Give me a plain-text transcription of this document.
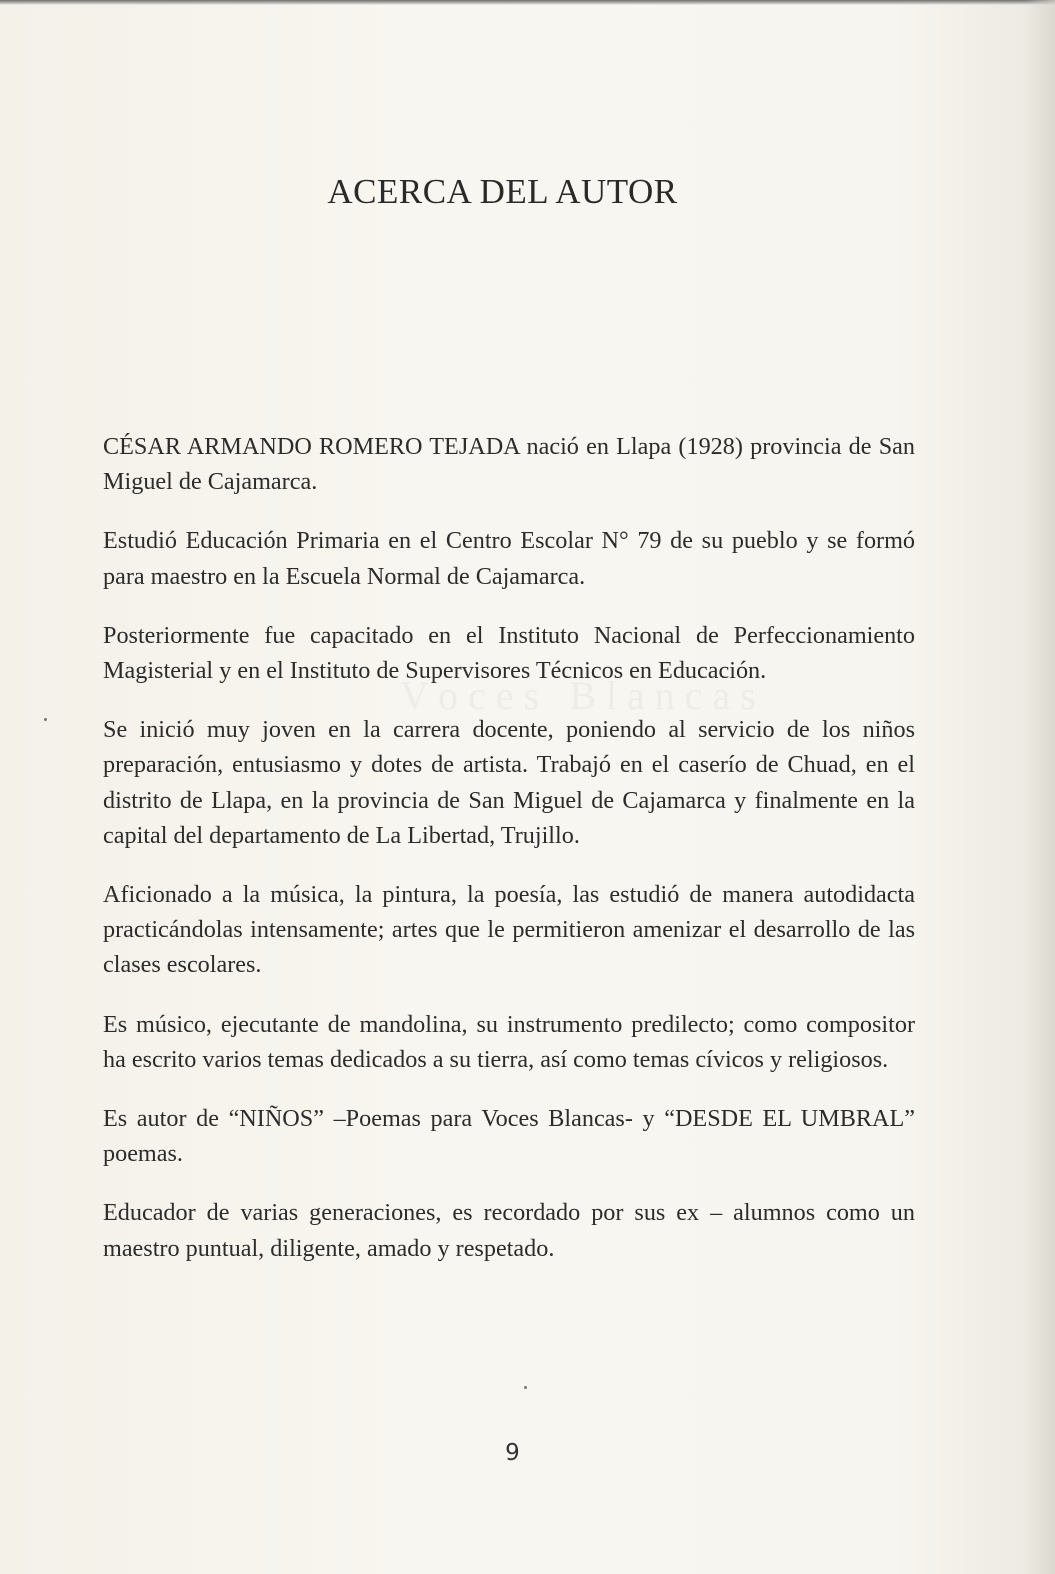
V o c e s   B l a n c a s
ACERCA DEL AUTOR

CÉSAR ARMANDO ROMERO TEJADA nació en Llapa (1928) provincia de San Miguel de Cajamarca.

Estudió Educación Primaria en el Centro Escolar N° 79 de su pueblo y se formó para maestro en la Escuela Normal de Cajamarca.

Posteriormente fue capacitado en el Instituto Nacional de Perfeccionamiento Magisterial y en el Instituto de Supervisores Técnicos en Educación.

Se inició muy joven en la carrera docente, poniendo al servicio de los niños preparación, entusiasmo y dotes de artista. Trabajó en el caserío de Chuad, en el distrito de Llapa, en la provincia de San Miguel de Cajamarca y finalmente en la capital del departamento de La Libertad, Trujillo.

Aficionado a la música, la pintura, la poesía, las estudió de manera autodidacta practicándolas intensamente; artes que le permitieron amenizar el desarrollo de las clases escolares.

Es músico, ejecutante de mandolina, su instrumento predilecto; como compositor ha escrito varios temas dedicados a su tierra, así como temas cívicos y religiosos.

Es autor de “NIÑOS” –Poemas para Voces Blancas- y “DESDE EL UMBRAL” poemas.

Educador de varias generaciones, es recordado por sus ex – alumnos como un maestro puntual, diligente, amado y respetado.

9
